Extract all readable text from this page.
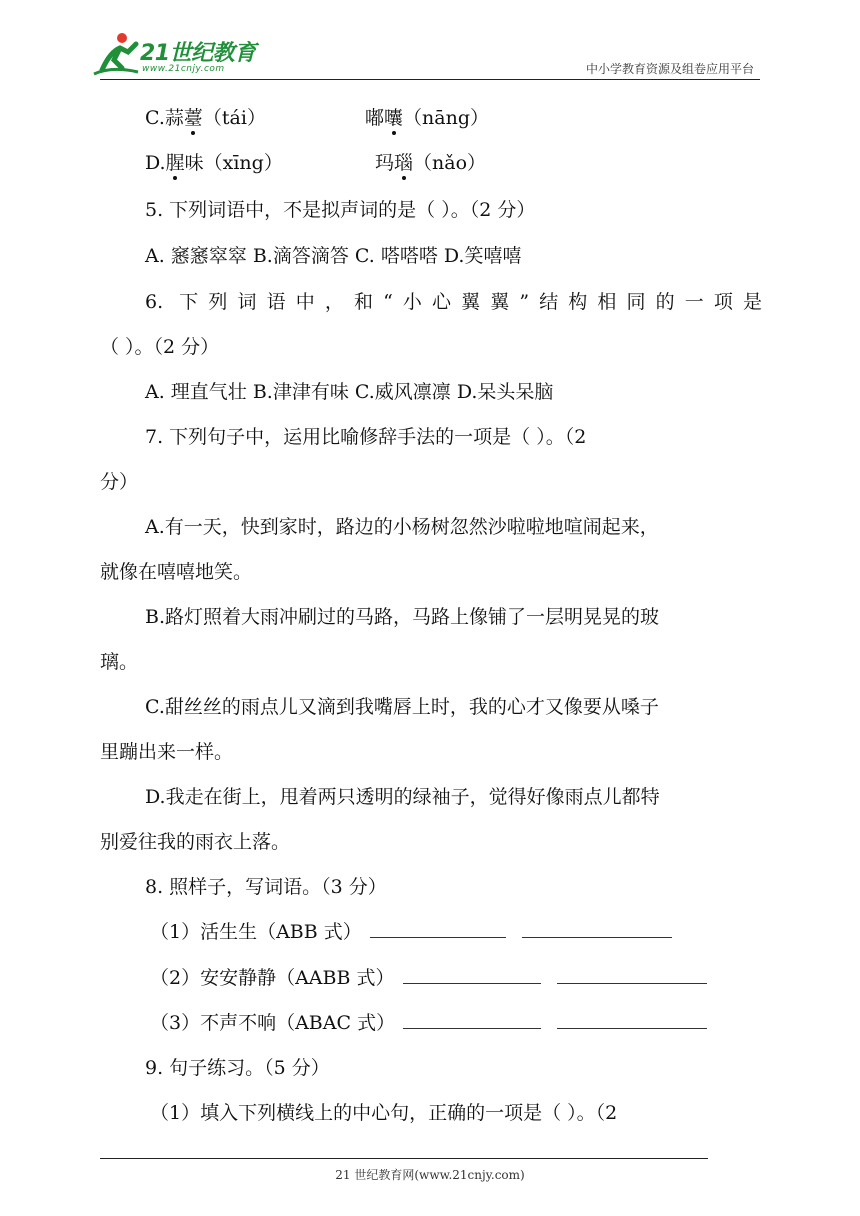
21世纪教育
www.21cnjy.com	中小学教育资源及组卷应用平台
C.蒜薹（tái）	嘟囔（nāng）
D.腥味（xīng）	玛瑙（nǎo）
5. 下列词语中，不是拟声词的是（ ）。（2 分）
A. 窸窸窣窣 B.滴答滴答 C. 嗒嗒嗒 D.笑嘻嘻
6. 下列词语中，和“小心翼翼”结构相同的一项是
（ ）。（2 分）
A. 理直气壮 B.津津有味 C.威风凛凛 D.呆头呆脑
7. 下列句子中，运用比喻修辞手法的一项是（ ）。（2
分）
A.有一天，快到家时，路边的小杨树忽然沙啦啦地喧闹起来，
就像在嘻嘻地笑。
B.路灯照着大雨冲刷过的马路，马路上像铺了一层明晃晃的玻
璃。
C.甜丝丝的雨点儿又滴到我嘴唇上时，我的心才又像要从嗓子
里蹦出来一样。
D.我走在街上，甩着两只透明的绿袖子，觉得好像雨点儿都特
别爱往我的雨衣上落。
8. 照样子，写词语。（3 分）
（1）活生生（ABB 式）
（2）安安静静（AABB 式）
（3）不声不响（ABAC 式）
9. 句子练习。（5 分）
（1）填入下列横线上的中心句，正确的一项是（ ）。（2
21 世纪教育网(www.21cnjy.com)
